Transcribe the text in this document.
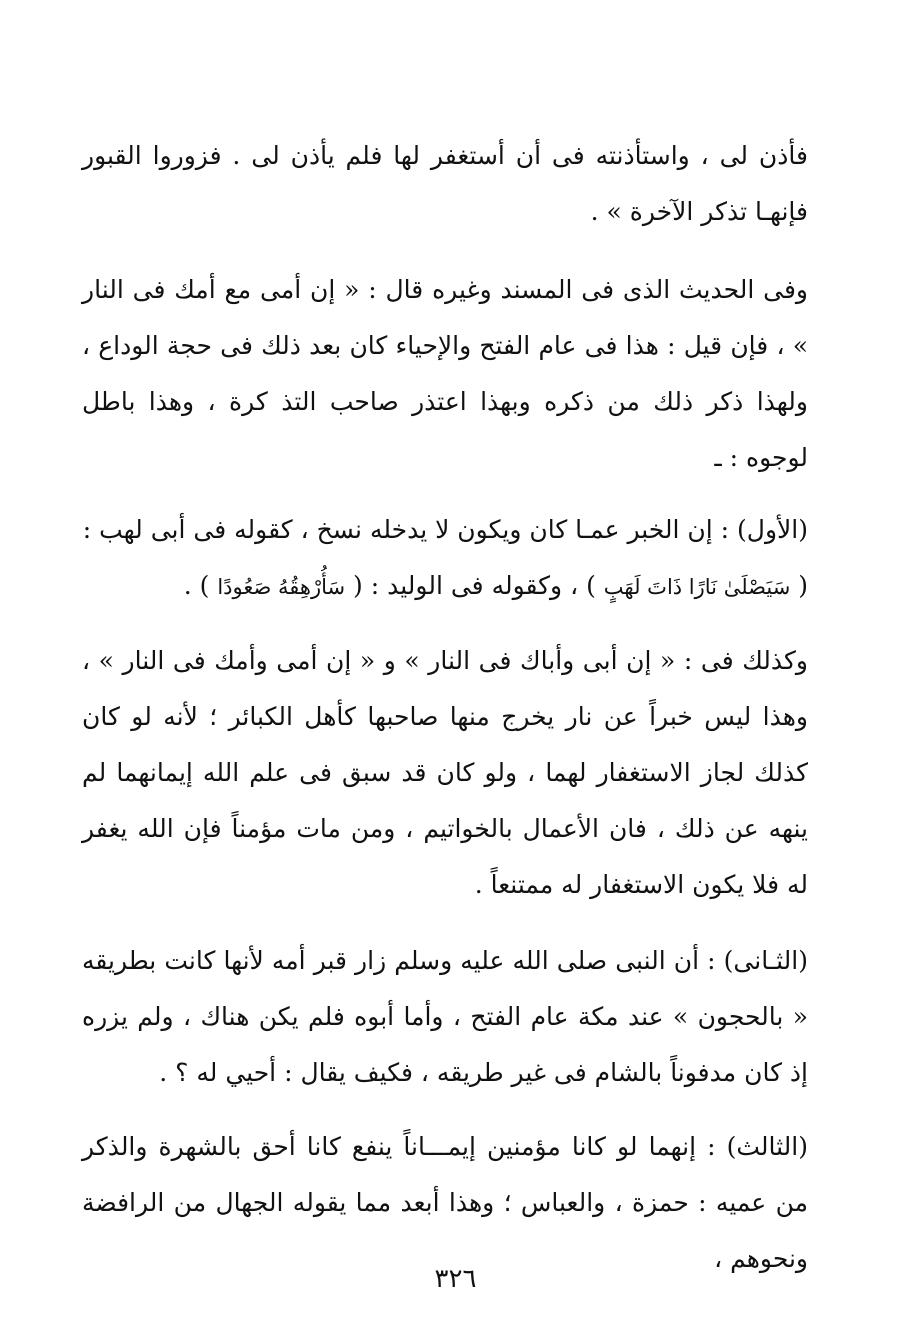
فأذن لى ، واستأذنته فى أن أستغفر لها فلم يأذن لى . فزوروا القبور فإنهـا تذكر الآخرة » .

وفى الحديث الذى فى المسند وغيره قال : « إن أمى مع أمك فى النار » ، فإن قيل : هذا فى عام الفتح والإحياء كان بعد ذلك فى حجة الوداع ، ولهذا ذكر ذلك من ذكره وبهذا اعتذر صاحب التذ كرة ، وهذا باطل لوجوه : ـ

(الأول) : إن الخبر عمـا كان ويكون لا يدخله نسخ ، كقوله فى أبى لهب :
( سَيَصْلَىٰ نَارًا ذَاتَ لَهَبٍ ) ، وكقوله فى الوليد : ( سَأُرْهِقُهُ صَعُودًا ) .

وكذلك فى : « إن أبى وأباك فى النار » و « إن أمى وأمك فى النار » ، وهذا ليس خبراً عن نار يخرج منها صاحبها كأهل الكبائر ؛ لأنه لو كان كذلك لجاز الاستغفار لهما ، ولو كان قد سبق فى علم الله إيمانهما لم ينهه عن ذلك ، فان الأعمال بالخواتيم ، ومن مات مؤمناً فإن الله يغفر له فلا يكون الاستغفار له ممتنعاً .

(الثـانى) : أن النبى صلى الله عليه وسلم زار قبر أمه لأنها كانت بطريقه « بالحجون » عند مكة عام الفتح ، وأما أبوه فلم يكن هناك ، ولم يزره إذ كان مدفوناً بالشام فى غير طريقه ، فكيف يقال : أحيي له ؟ .

(الثالث) : إنهما لو كانا مؤمنين إيمـــاناً ينفع كانا أحق بالشهرة والذكر من عميه : حمزة ، والعباس ؛ وهذا أبعد مما يقوله الجهال من الرافضة ونحوهم ،

٣٢٦
